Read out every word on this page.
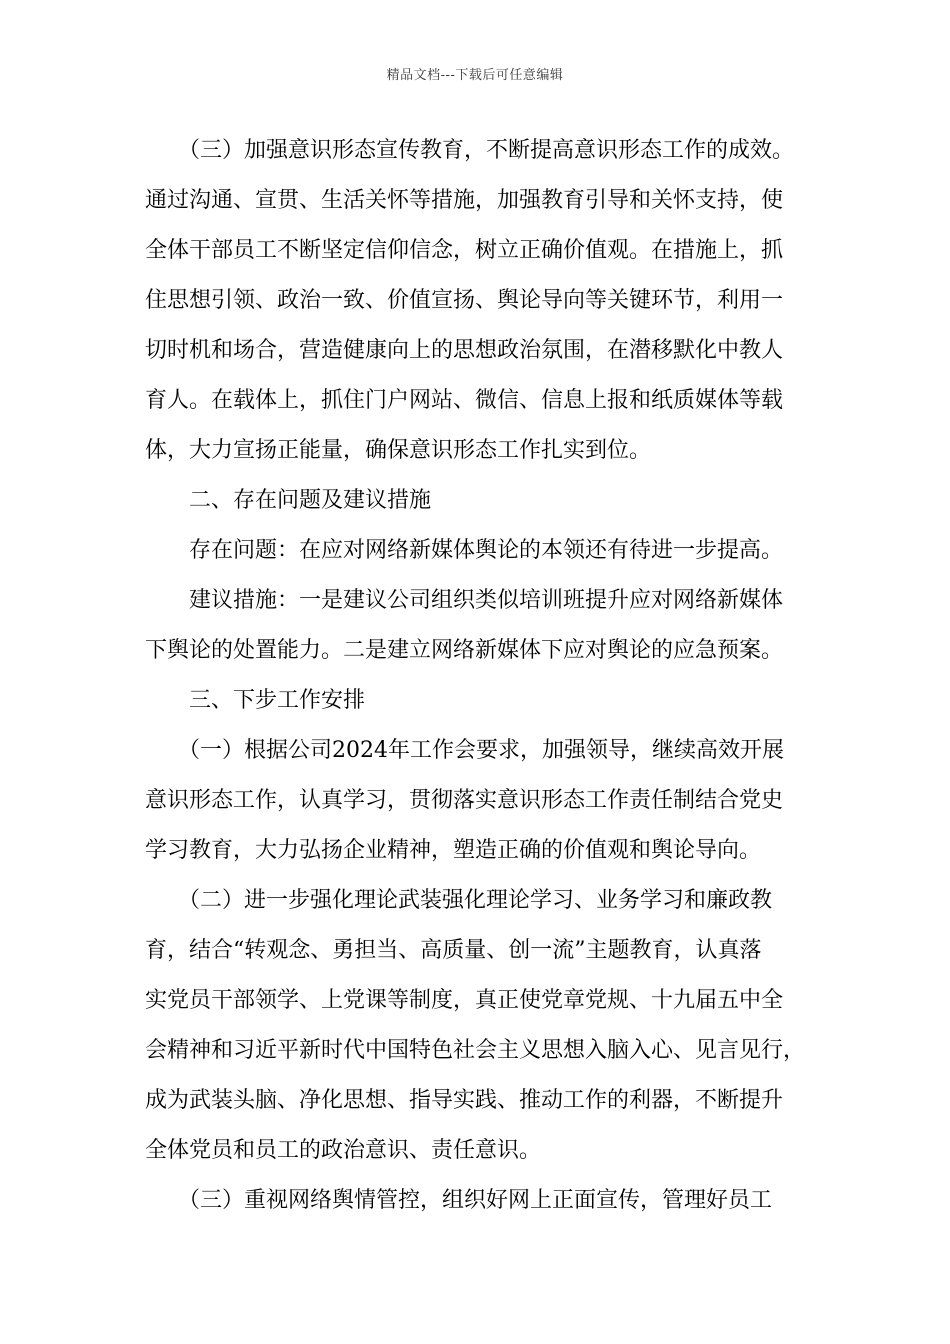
精品文档---下载后可任意编辑
　　（三）加强意识形态宣传教育，不断提高意识形态工作的成效。
通过沟通、宣贯、生活关怀等措施，加强教育引导和关怀支持，使
全体干部员工不断坚定信仰信念，树立正确价值观。在措施上，抓
住思想引领、政治一致、价值宣扬、舆论导向等关键环节，利用一
切时机和场合，营造健康向上的思想政治氛围，在潜移默化中教人
育人。在载体上，抓住门户网站、微信、信息上报和纸质媒体等载
体，大力宣扬正能量，确保意识形态工作扎实到位。
　　二、存在问题及建议措施
　　存在问题：在应对网络新媒体舆论的本领还有待进一步提高。
　　建议措施：一是建议公司组织类似培训班提升应对网络新媒体
下舆论的处置能力。二是建立网络新媒体下应对舆论的应急预案。
　　三、下步工作安排
　　（一）根据公司2024年工作会要求，加强领导，继续高效开展
意识形态工作，认真学习，贯彻落实意识形态工作责任制结合党史
学习教育，大力弘扬企业精神，塑造正确的价值观和舆论导向。
　　（二）进一步强化理论武装强化理论学习、业务学习和廉政教
育，结合“转观念、勇担当、高质量、创一流”主题教育，认真落
实党员干部领学、上党课等制度，真正使党章党规、十九届五中全
会精神和习近平新时代中国特色社会主义思想入脑入心、见言见行，
成为武装头脑、净化思想、指导实践、推动工作的利器，不断提升
全体党员和员工的政治意识、责任意识。
　　（三）重视网络舆情管控，组织好网上正面宣传，管理好员工
